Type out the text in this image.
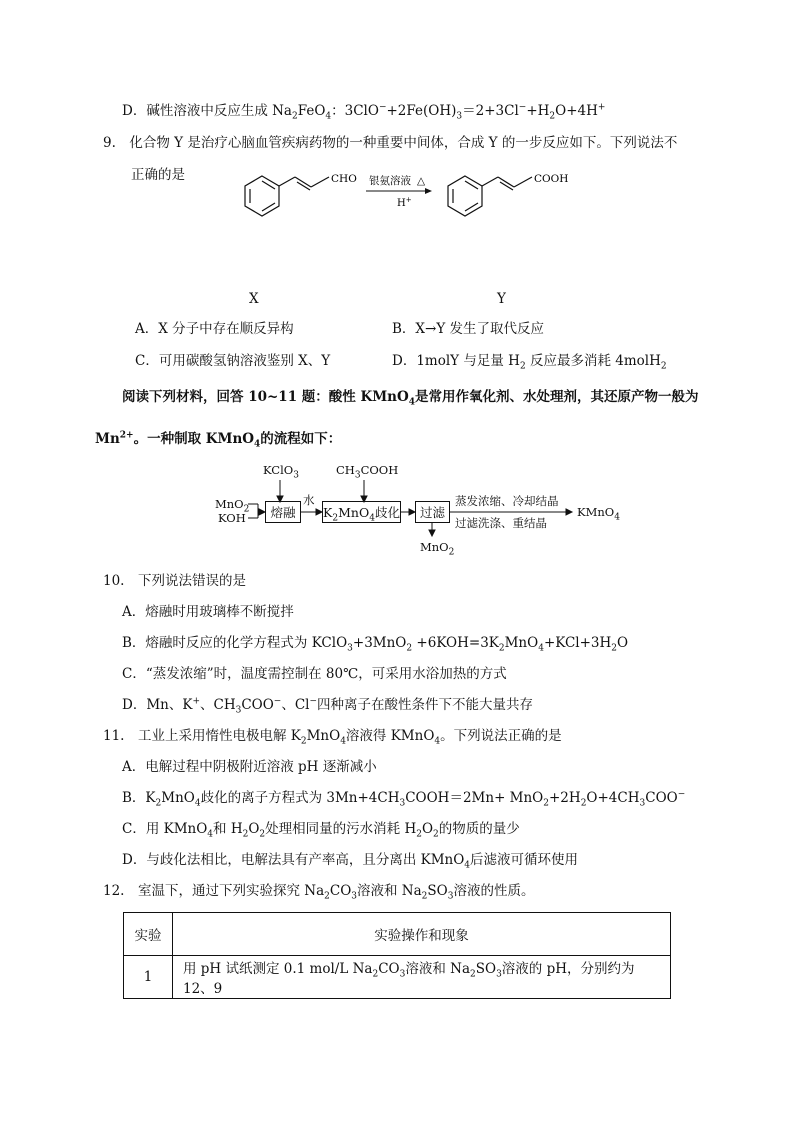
D．碱性溶液中反应生成 $Na_2FeO_4$：$3ClO^-+2Fe(OH)_3=2+3Cl^-+H_2O+4H^+$
9.　化合物 Y 是治疗心脑血管疾病药物的一种重要中间体，合成 Y 的一步反应如下。下列说法不
正确的是	CHO 银氨溶液 △
H+
COOH
X	Y
A．X 分子中存在顺反异构	B．X→Y 发生了取代反应
C．可用碳酸氢钠溶液鉴别 X、Y	D．1molY 与足量 $H_2$ 反应最多消耗 4molH$_2$
阅读下列材料，回答 10~11 题：酸性 KMnO$_4$是常用作氧化剂、水处理剂，其还原产物一般为
$Mn^{2+}$。一种制取 KMnO$_4$的流程如下：
KClO$_3$	$CH_3COOH$
MnO$_2$
KOH	熔融
水
$K_2MnO_4$歧化	过滤
蒸发浓缩、冷却结晶
过滤洗涤、重结晶
KMnO$_4$
MnO$_2$
10.　下列说法错误的是
A．熔融时用玻璃棒不断搅拌
B．熔融时反应的化学方程式为 KClO$_3$+3MnO$_2$ $+6KOH=3K_2MnO_4+KCl+3H_2O$
C．“蒸发浓缩”时，温度需控制在 80℃，可采用水浴加热的方式
D．Mn、K+、$CH_3COO^-$、Cl−四种离子在酸性条件下不能大量共存
11.　工业上采用惰性电极电解 $K_2MnO_4$溶液得 KMnO$_4$。下列说法正确的是
A．电解过程中阴极附近溶液 pH 逐渐减小
B．$K_2MnO_4$歧化的离子方程式为 $3Mn+4CH_3COOH=2Mn+ MnO_2+2H_2O+4CH_3COO^-$
C．用 KMnO$_4$和 $H_2O_2$处理相同量的污水消耗 $H_2O_2$的物质的量少
D．与歧化法相比，电解法具有产率高，且分离出 KMnO$_4$后滤液可循环使用
12.　室温下，通过下列实验探究 $Na_2CO_3$溶液和 $Na_2SO_3$溶液的性质。
实验	实验操作和现象
1	用 pH 试纸测定 0.1 mol/L $Na_2CO_3$溶液和 $Na_2SO_3$溶液的 pH，分别约为 12、9
